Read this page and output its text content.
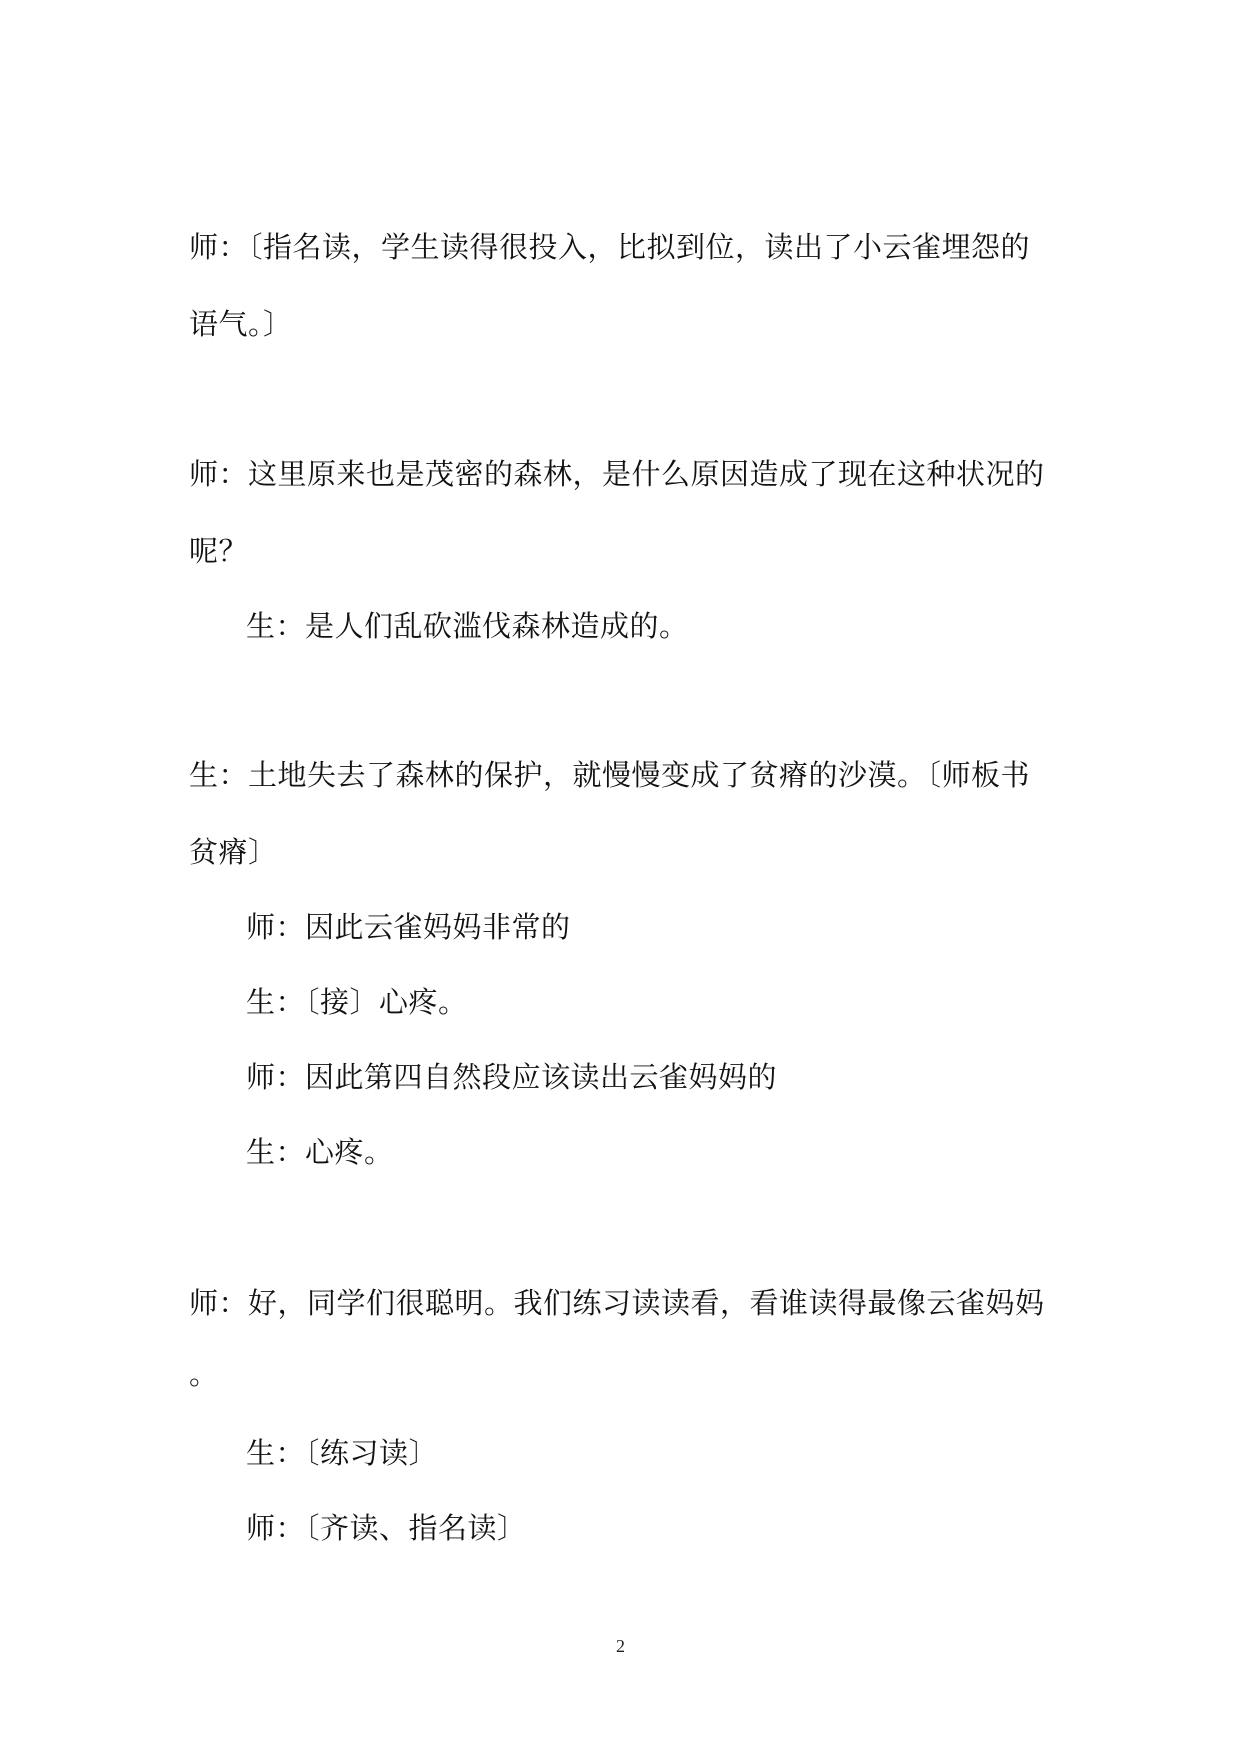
师：〔指名读，学生读得很投入，比拟到位，读出了小云雀埋怨的
语气。〕
师：这里原来也是茂密的森林，是什么原因造成了现在这种状况的
呢？
生：是人们乱砍滥伐森林造成的。
生：土地失去了森林的保护，就慢慢变成了贫瘠的沙漠。〔师板书
贫瘠〕
师：因此云雀妈妈非常的
生：〔接〕心疼。
师：因此第四自然段应该读出云雀妈妈的
生：心疼。
师：好，同学们很聪明。我们练习读读看，看谁读得最像云雀妈妈
。
生：〔练习读〕
师：〔齐读、指名读〕
2
